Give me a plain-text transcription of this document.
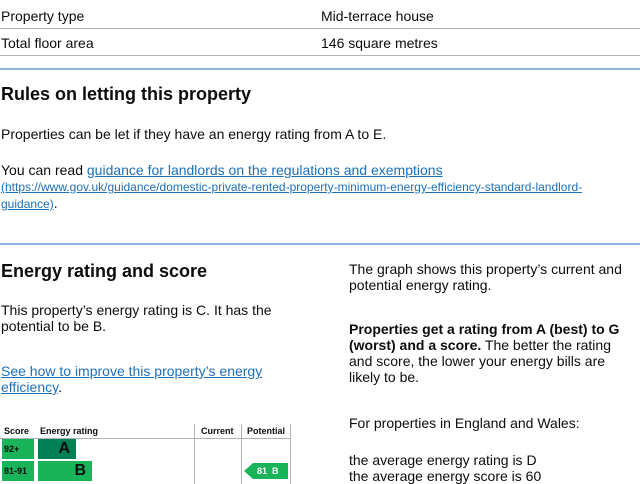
Property type	Mid-terrace house
Total floor area	146 square metres
Rules on letting this property

Properties can be let if they have an energy rating from A to E.

You can read guidance for landlords on the regulations and exemptions
(https://www.gov.uk/guidance/domestic-private-rented-property-minimum-energy-efficiency-standard-landlord-
guidance).

Energy rating and score

This property’s energy rating is C. It has the potential to be B.

See how to improve this property’s energy efficiency.

The graph shows this property’s current and potential energy rating.

Properties get a rating from A (best) to G (worst) and a score. The better the rating and score, the lower your energy bills are likely to be.

For properties in England and Wales:

the average energy rating is D

the average energy score is 60

Score Energy rating	Current Potential
92+ A
81-91	B	81 B
